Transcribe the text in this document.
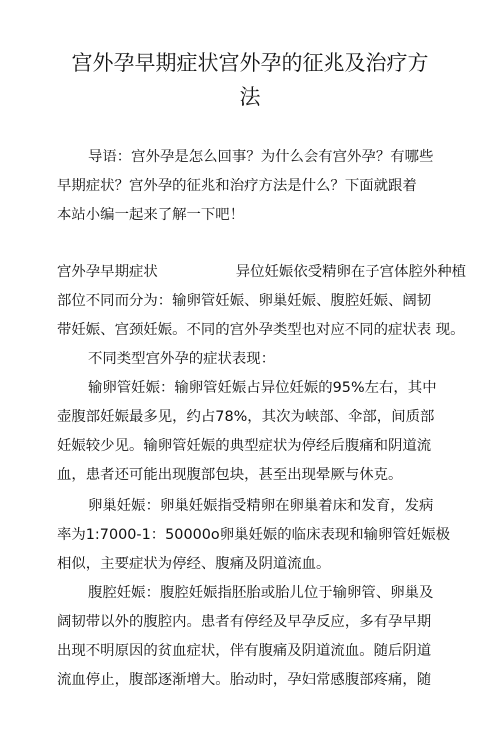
宫外孕早期症状宫外孕的征兆及治疗方
法
导语：宫外孕是怎么回事？为什么会有宫外孕？有哪些
早期症状？宫外孕的征兆和治疗方法是什么？下面就跟着
本站小编一起来了解一下吧！
宫外孕早期症状	异位妊娠依受精卵在子宫体腔外种植
部位不同而分为：输卵管妊娠、卵巢妊娠、腹腔妊娠、阔韧
带妊娠、宫颈妊娠。不同的宫外孕类型也对应不同的症状表 现。
不同类型宫外孕的症状表现：
输卵管妊娠：输卵管妊娠占异位妊娠的95%左右，其中
壶腹部妊娠最多见，约占78%，其次为峡部、伞部，间质部
妊娠较少见。输卵管妊娠的典型症状为停经后腹痛和阴道流
血，患者还可能出现腹部包块，甚至出现晕厥与休克。
卵巢妊娠：卵巢妊娠指受精卵在卵巢着床和发育，发病
率为1:7000-1：50000o卵巢妊娠的临床表现和输卵管妊娠极
相似，主要症状为停经、腹痛及阴道流血。
腹腔妊娠：腹腔妊娠指胚胎或胎儿位于输卵管、卵巢及
阔韧带以外的腹腔内。患者有停经及早孕反应，多有孕早期
出现不明原因的贫血症状，伴有腹痛及阴道流血。随后阴道
流血停止，腹部逐渐增大。胎动时，孕妇常感腹部疼痛，随
